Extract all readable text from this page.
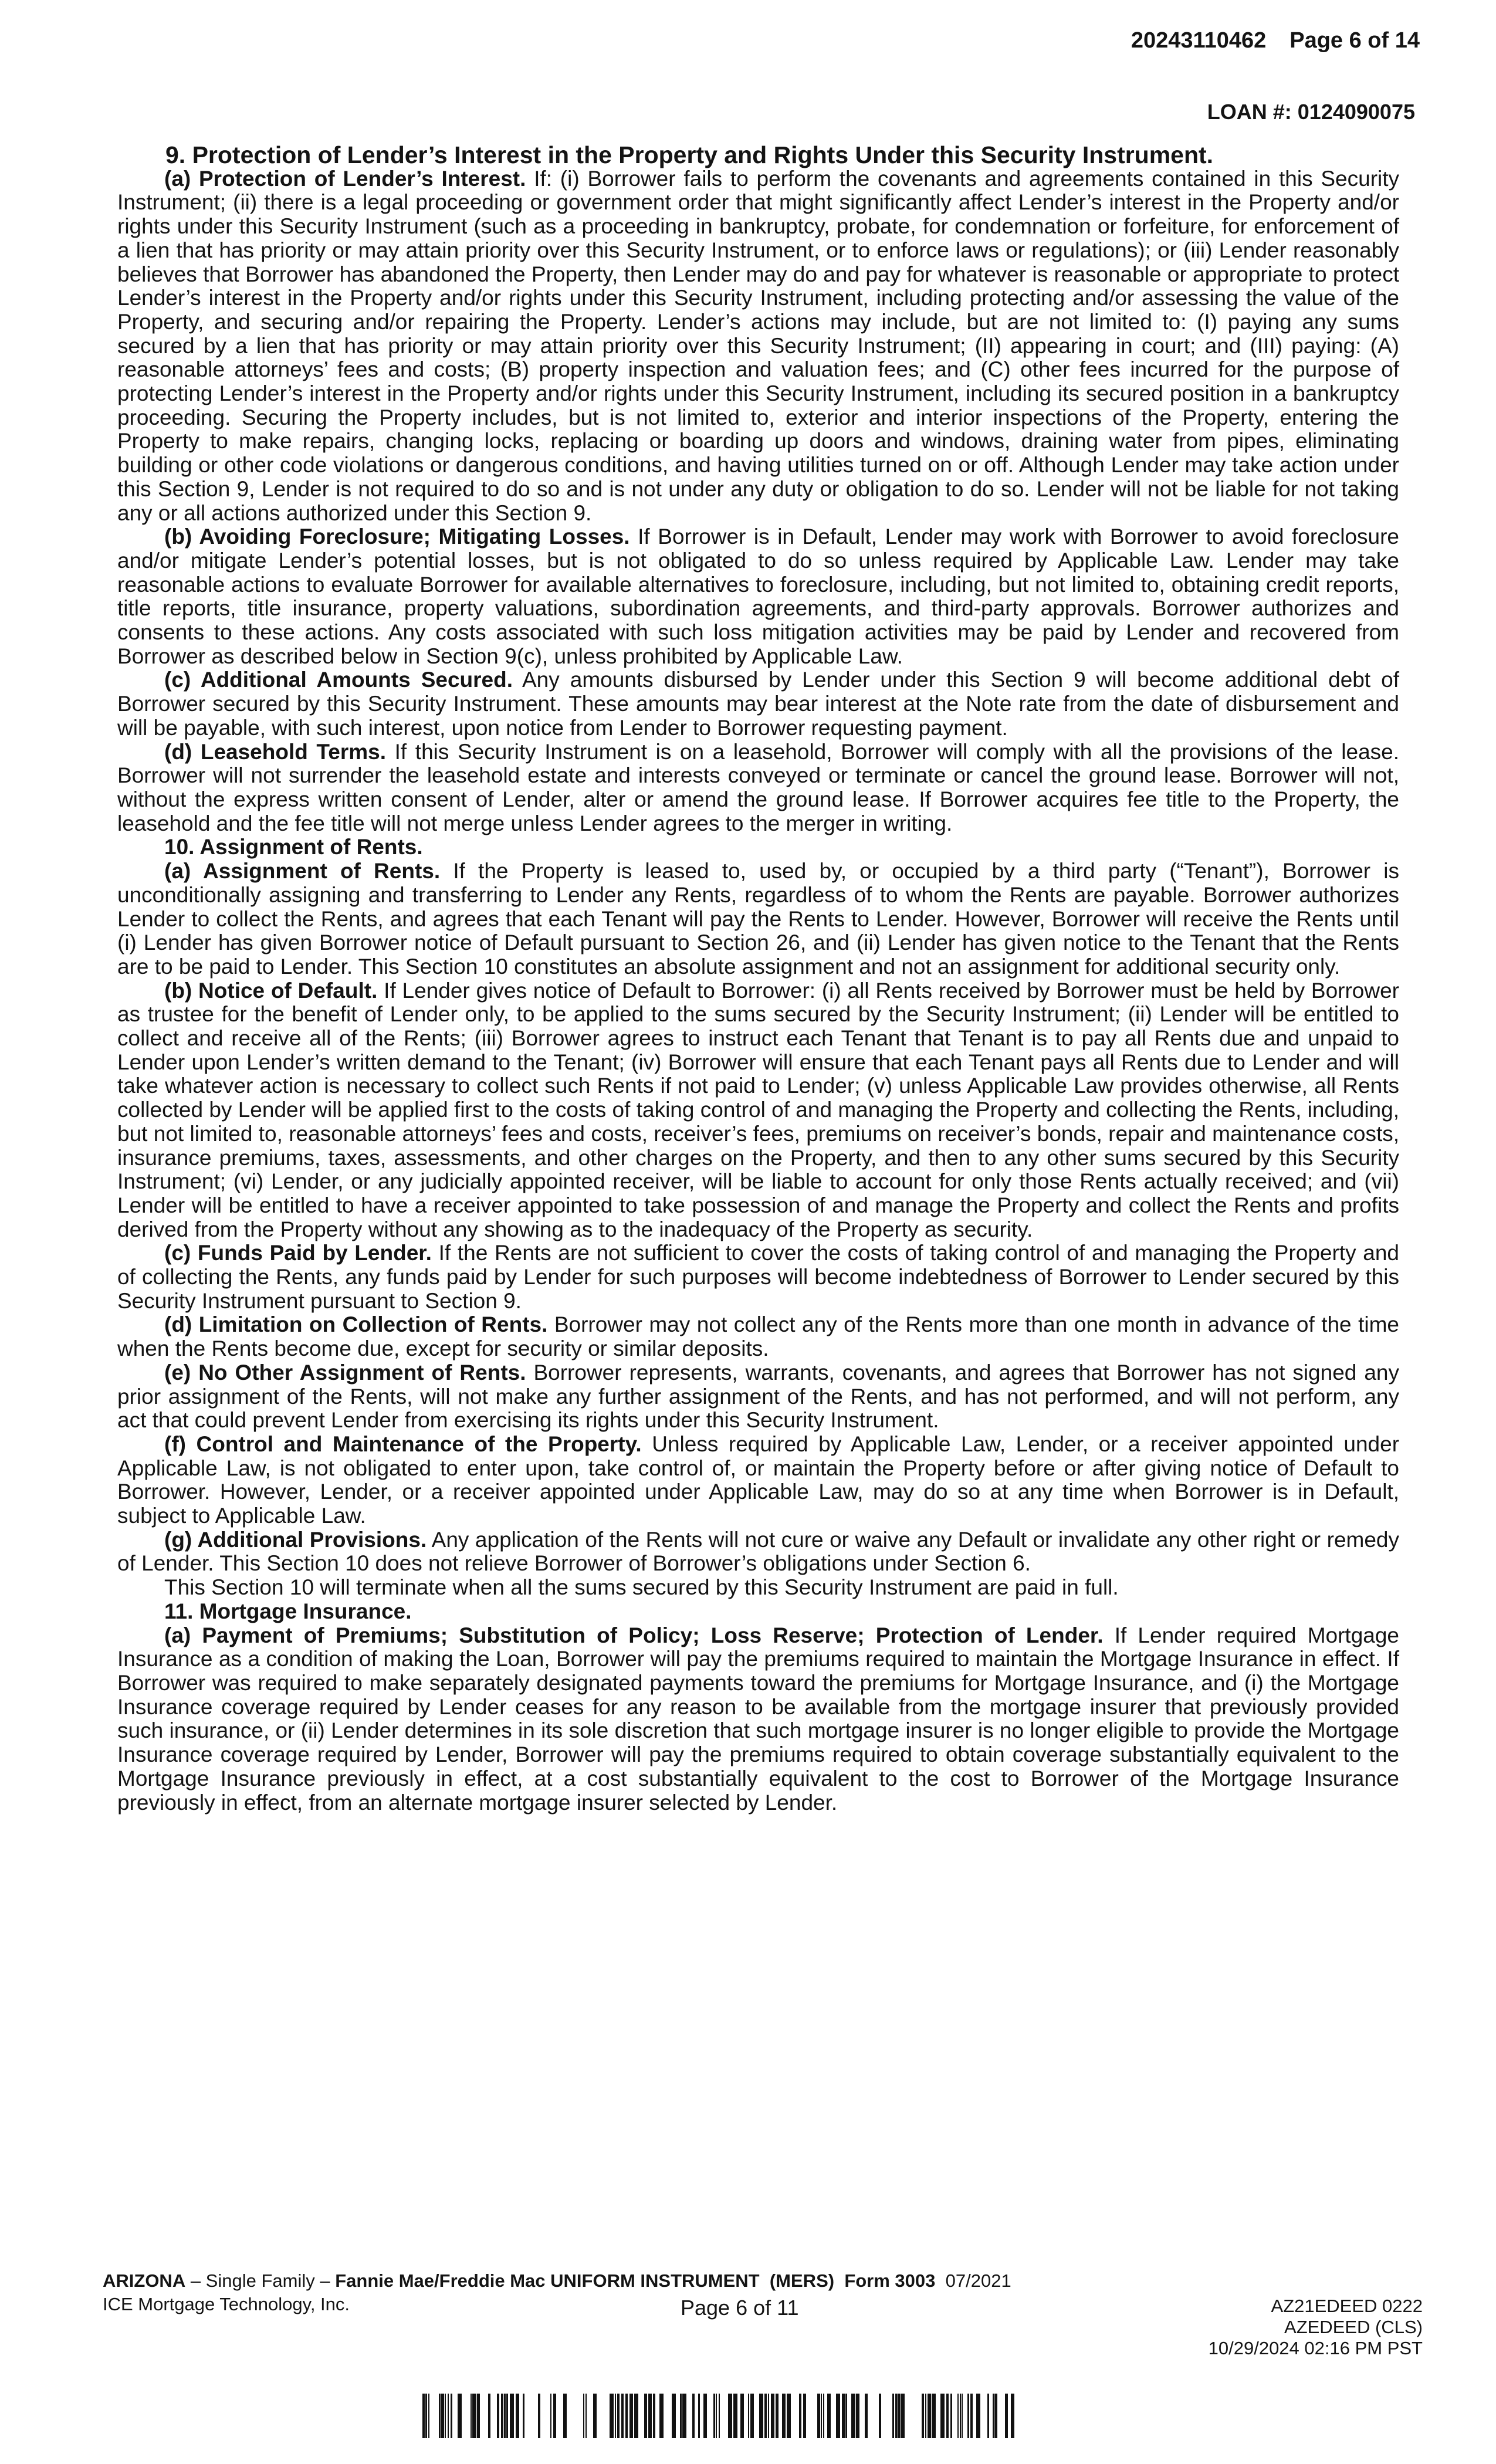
20243110462 Page 6 of 14
LOAN #: 0124090075

9. Protection of Lender’s Interest in the Property and Rights Under this Security Instrument.

(a) Protection of Lender’s Interest. If: (i) Borrower fails to perform the covenants and agreements contained in this Security Instrument; (ii) there is a legal proceeding or government order that might significantly affect Lender’s interest in the Property and/or rights under this Security Instrument (such as a proceeding in bankruptcy, probate, for condemnation or forfeiture, for enforcement of a lien that has priority or may attain priority over this Security Instrument, or to enforce laws or regulations); or (iii) Lender reasonably believes that Borrower has abandoned the Property, then Lender may do and pay for whatever is reasonable or appropriate to protect Lender’s interest in the Property and/or rights under this Security Instrument, including protecting and/or assessing the value of the Property, and securing and/or repairing the Property. Lender’s actions may include, but are not limited to: (I) paying any sums secured by a lien that has priority or may attain priority over this Security Instrument; (II) appearing in court; and (III) paying: (A) reasonable attorneys’ fees and costs; (B) property inspection and valuation fees; and (C) other fees incurred for the purpose of protecting Lender’s interest in the Property and/or rights under this Security Instrument, including its secured position in a bankruptcy proceeding. Securing the Property includes, but is not limited to, exterior and interior inspections of the Property, entering the Property to make repairs, changing locks, replacing or boarding up doors and windows, draining water from pipes, eliminating building or other code violations or dangerous conditions, and having utilities turned on or off. Although Lender may take action under this Section 9, Lender is not required to do so and is not under any duty or obligation to do so. Lender will not be liable for not taking any or all actions authorized under this Section 9.

(b) Avoiding Foreclosure; Mitigating Losses. If Borrower is in Default, Lender may work with Borrower to avoid foreclosure and/or mitigate Lender’s potential losses, but is not obligated to do so unless required by Applicable Law. Lender may take reasonable actions to evaluate Borrower for available alternatives to foreclosure, including, but not limited to, obtaining credit reports, title reports, title insurance, property valuations, subordination agreements, and third-party approvals. Borrower authorizes and consents to these actions. Any costs associated with such loss mitigation activities may be paid by Lender and recovered from Borrower as described below in Section 9(c), unless prohibited by Applicable Law.

(c) Additional Amounts Secured. Any amounts disbursed by Lender under this Section 9 will become additional debt of Borrower secured by this Security Instrument. These amounts may bear interest at the Note rate from the date of disbursement and will be payable, with such interest, upon notice from Lender to Borrower requesting payment.

(d) Leasehold Terms. If this Security Instrument is on a leasehold, Borrower will comply with all the provisions of the lease. Borrower will not surrender the leasehold estate and interests conveyed or terminate or cancel the ground lease. Borrower will not, without the express written consent of Lender, alter or amend the ground lease. If Borrower acquires fee title to the Property, the leasehold and the fee title will not merge unless Lender agrees to the merger in writing.

10. Assignment of Rents.

(a) Assignment of Rents. If the Property is leased to, used by, or occupied by a third party (“Tenant”), Borrower is unconditionally assigning and transferring to Lender any Rents, regardless of to whom the Rents are payable. Borrower authorizes Lender to collect the Rents, and agrees that each Tenant will pay the Rents to Lender. However, Borrower will receive the Rents until (i) Lender has given Borrower notice of Default pursuant to Section 26, and (ii) Lender has given notice to the Tenant that the Rents are to be paid to Lender. This Section 10 constitutes an absolute assignment and not an assignment for additional security only.

(b) Notice of Default. If Lender gives notice of Default to Borrower: (i) all Rents received by Borrower must be held by Borrower as trustee for the benefit of Lender only, to be applied to the sums secured by the Security Instrument; (ii) Lender will be entitled to collect and receive all of the Rents; (iii) Borrower agrees to instruct each Tenant that Tenant is to pay all Rents due and unpaid to Lender upon Lender’s written demand to the Tenant; (iv) Borrower will ensure that each Tenant pays all Rents due to Lender and will take whatever action is necessary to collect such Rents if not paid to Lender; (v) unless Applicable Law provides otherwise, all Rents collected by Lender will be applied first to the costs of taking control of and managing the Property and collecting the Rents, including, but not limited to, reasonable attorneys’ fees and costs, receiver’s fees, premiums on receiver’s bonds, repair and maintenance costs, insurance premiums, taxes, assessments, and other charges on the Property, and then to any other sums secured by this Security Instrument; (vi) Lender, or any judicially appointed receiver, will be liable to account for only those Rents actually received; and (vii) Lender will be entitled to have a receiver appointed to take possession of and manage the Property and collect the Rents and profits derived from the Property without any showing as to the inadequacy of the Property as security.

(c) Funds Paid by Lender. If the Rents are not sufficient to cover the costs of taking control of and managing the Property and of collecting the Rents, any funds paid by Lender for such purposes will become indebtedness of Borrower to Lender secured by this Security Instrument pursuant to Section 9.

(d) Limitation on Collection of Rents. Borrower may not collect any of the Rents more than one month in advance of the time when the Rents become due, except for security or similar deposits.

(e) No Other Assignment of Rents. Borrower represents, warrants, covenants, and agrees that Borrower has not signed any prior assignment of the Rents, will not make any further assignment of the Rents, and has not performed, and will not perform, any act that could prevent Lender from exercising its rights under this Security Instrument.

(f) Control and Maintenance of the Property. Unless required by Applicable Law, Lender, or a receiver appointed under Applicable Law, is not obligated to enter upon, take control of, or maintain the Property before or after giving notice of Default to Borrower. However, Lender, or a receiver appointed under Applicable Law, may do so at any time when Borrower is in Default, subject to Applicable Law.

(g) Additional Provisions. Any application of the Rents will not cure or waive any Default or invalidate any other right or remedy of Lender. This Section 10 does not relieve Borrower of Borrower’s obligations under Section 6.

This Section 10 will terminate when all the sums secured by this Security Instrument are paid in full.

11. Mortgage Insurance.

(a) Payment of Premiums; Substitution of Policy; Loss Reserve; Protection of Lender. If Lender required Mortgage Insurance as a condition of making the Loan, Borrower will pay the premiums required to maintain the Mortgage Insurance in effect. If Borrower was required to make separately designated payments toward the premiums for Mortgage Insurance, and (i) the Mortgage Insurance coverage required by Lender ceases for any reason to be available from the mortgage insurer that previously provided such insurance, or (ii) Lender determines in its sole discretion that such mortgage insurer is no longer eligible to provide the Mortgage Insurance coverage required by Lender, Borrower will pay the premiums required to obtain coverage substantially equivalent to the Mortgage Insurance previously in effect, at a cost substantially equivalent to the cost to Borrower of the Mortgage Insurance previously in effect, from an alternate mortgage insurer selected by Lender.

ARIZONA – Single Family – Fannie Mae/Freddie Mac UNIFORM INSTRUMENT (MERS) Form 3003 07/2021
ICE Mortgage Technology, Inc.	Page 6 of 11	AZ21EDEED 0222
AZEDEED (CLS)
10/29/2024 02:16 PM PST
